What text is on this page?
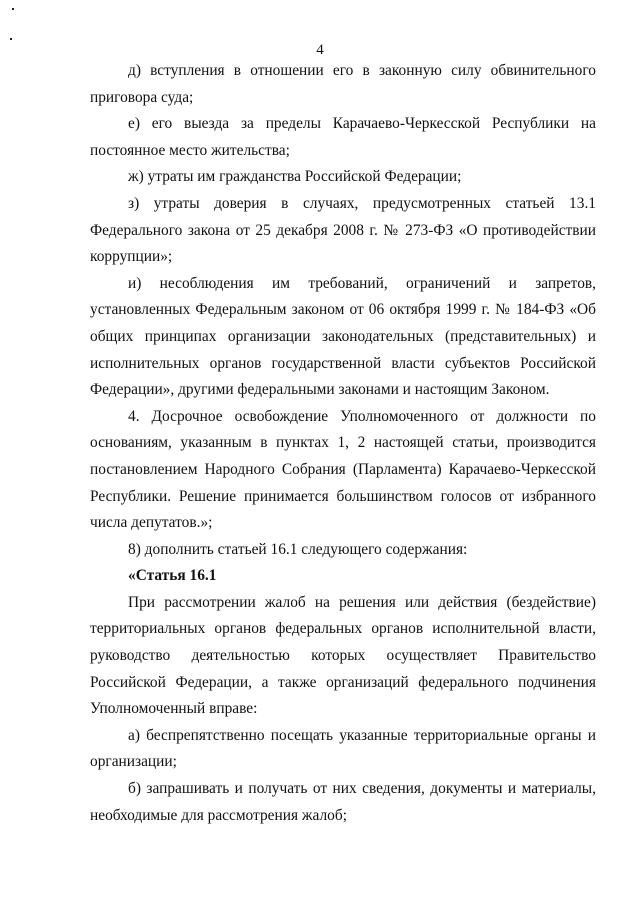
4

д) вступления в отношении его в законную силу обвинительного приговора суда;

е) его выезда за пределы Карачаево-Черкесской Республики на постоянное место жительства;

ж) утраты им гражданства Российской Федерации;

з) утраты доверия в случаях, предусмотренных статьей 13.1 Федерального закона от 25 декабря 2008 г. № 273-ФЗ «О противодействии коррупции»;

и) несоблюдения им требований, ограничений и запретов, установленных Федеральным законом от 06 октября 1999 г. № 184-ФЗ «Об общих принципах организации законодательных (представительных) и исполнительных органов государственной власти субъектов Российской Федерации», другими федеральными законами и настоящим Законом.

4. Досрочное освобождение Уполномоченного от должности по основаниям, указанным в пунктах 1, 2 настоящей статьи, производится постановлением Народного Собрания (Парламента) Карачаево-Черкесской Республики. Решение принимается большинством голосов от избранного числа депутатов.»;

8) дополнить статьей 16.1 следующего содержания:

«Статья 16.1

При рассмотрении жалоб на решения или действия (бездействие) территориальных органов федеральных органов исполнительной власти, руководство деятельностью которых осуществляет Правительство Российской Федерации, а также организаций федерального подчинения Уполномоченный вправе:

а) беспрепятственно посещать указанные территориальные органы и организации;

б) запрашивать и получать от них сведения, документы и материалы, необходимые для рассмотрения жалоб;
